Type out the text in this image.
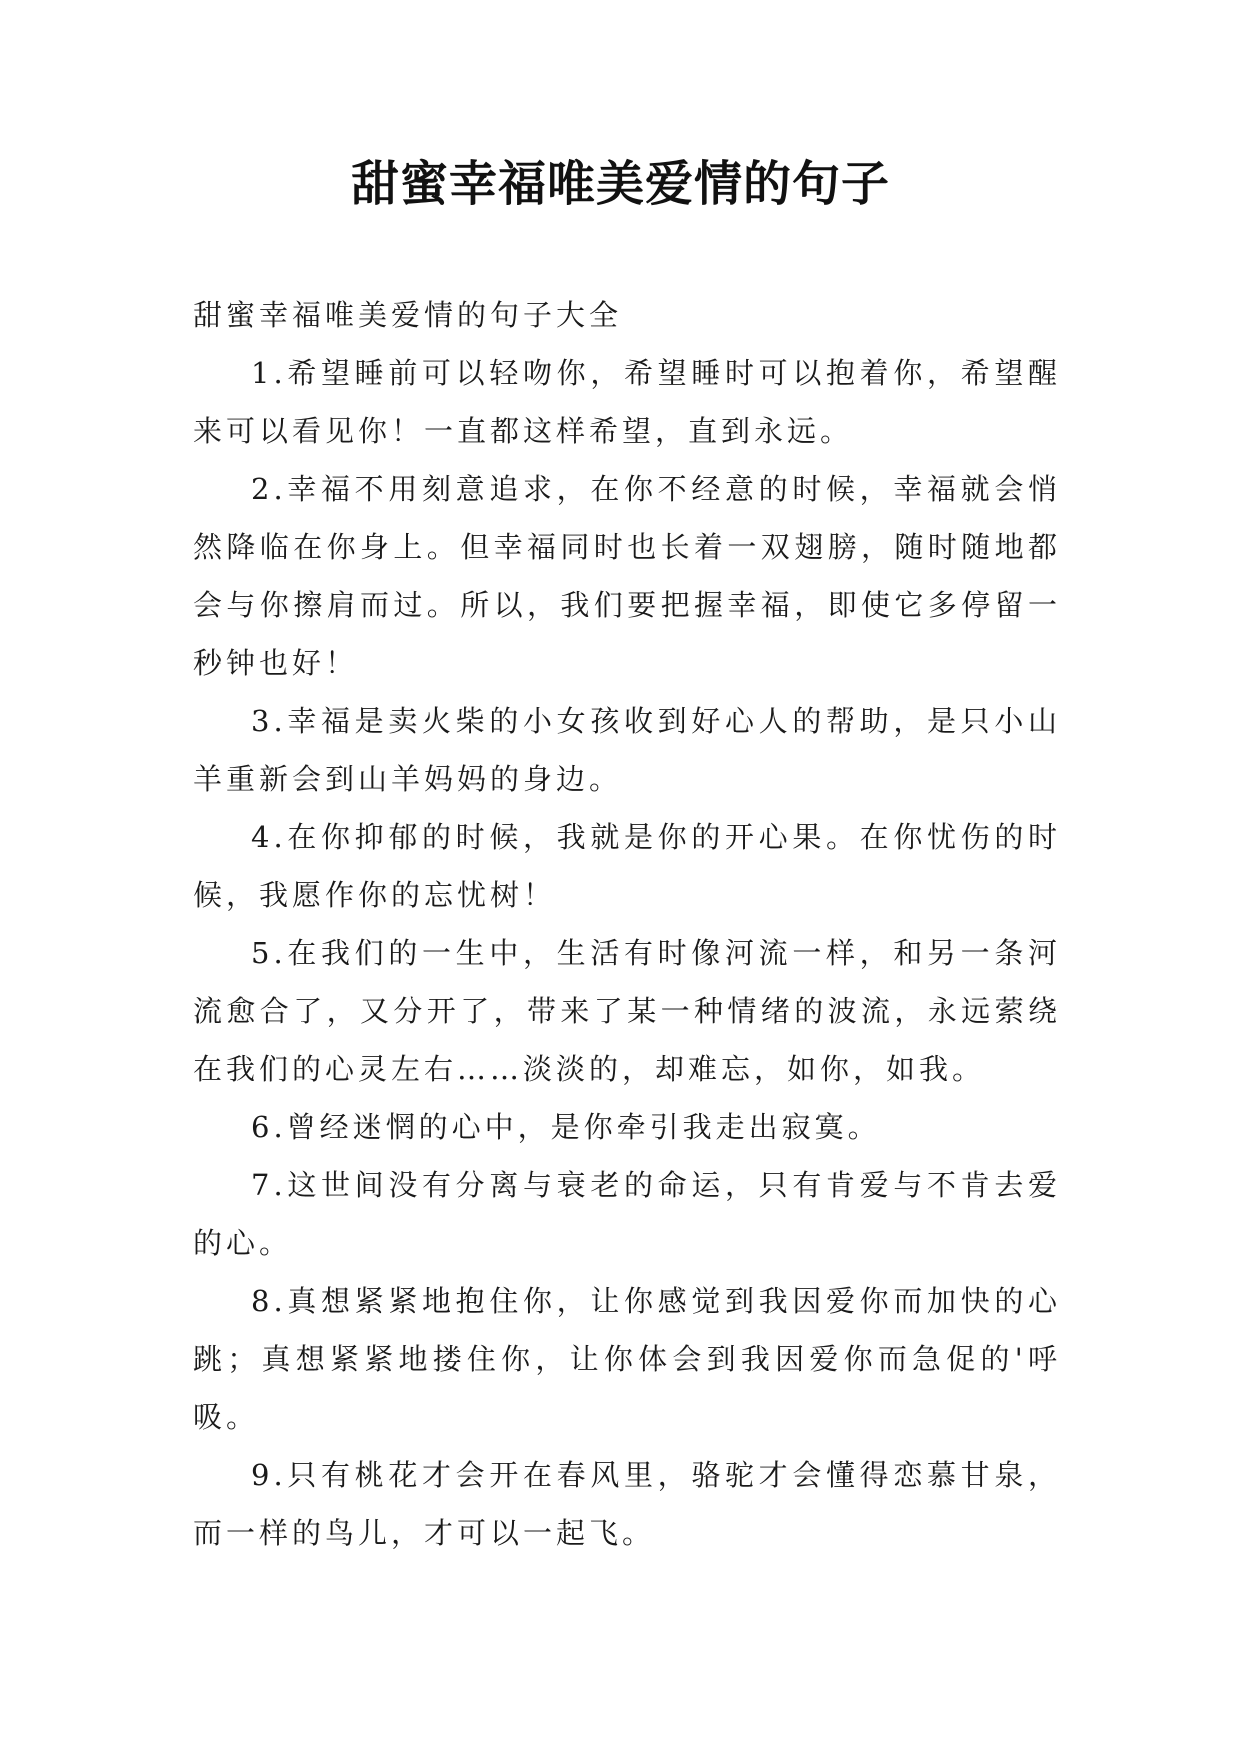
甜蜜幸福唯美爱情的句子

甜蜜幸福唯美爱情的句子大全

1.希望睡前可以轻吻你，希望睡时可以抱着你，希望醒来可以看见你！一直都这样希望，直到永远。

2.幸福不用刻意追求，在你不经意的时候，幸福就会悄然降临在你身上。但幸福同时也长着一双翅膀，随时随地都会与你擦肩而过。所以，我们要把握幸福，即使它多停留一秒钟也好！

3.幸福是卖火柴的小女孩收到好心人的帮助，是只小山羊重新会到山羊妈妈的身边。

4.在你抑郁的时候，我就是你的开心果。在你忧伤的时候，我愿作你的忘忧树！

5.在我们的一生中，生活有时像河流一样，和另一条河流愈合了，又分开了，带来了某一种情绪的波流，永远萦绕在我们的心灵左右……淡淡的，却难忘，如你，如我。

6.曾经迷惘的心中，是你牵引我走出寂寞。

7.这世间没有分离与衰老的命运，只有肯爱与不肯去爱的心。

8.真想紧紧地抱住你，让你感觉到我因爱你而加快的心跳；真想紧紧地搂住你，让你体会到我因爱你而急促的'呼吸。

9.只有桃花才会开在春风里，骆驼才会懂得恋慕甘泉，而一样的鸟儿，才可以一起飞。
